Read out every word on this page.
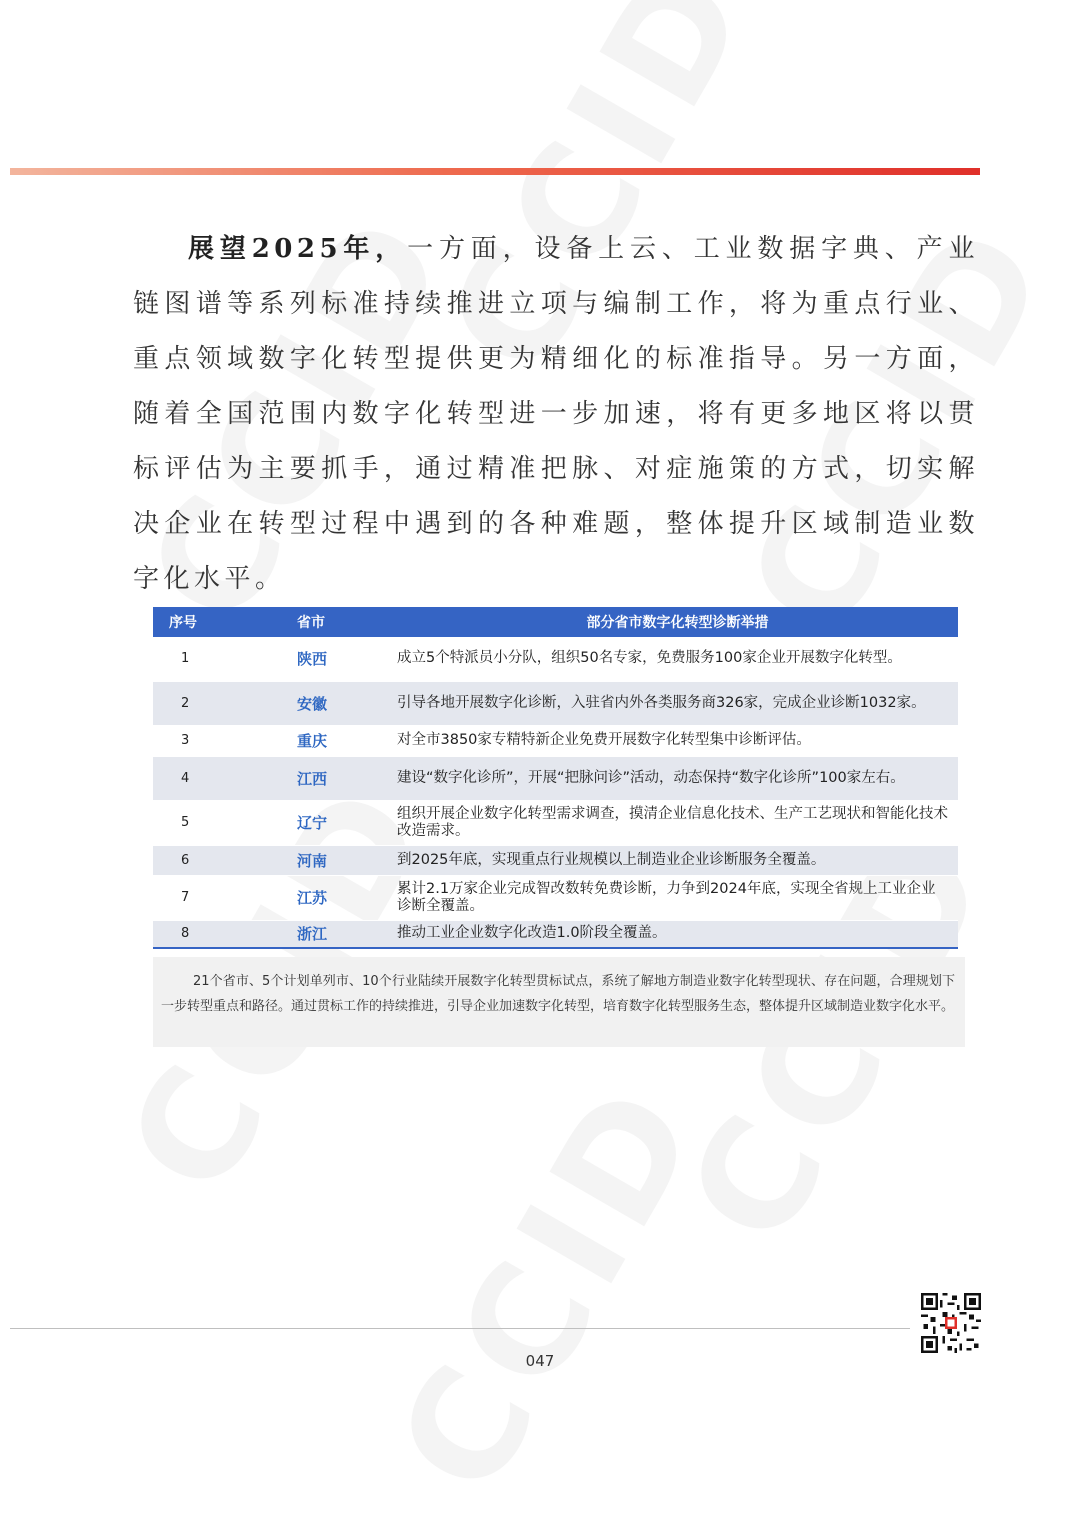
展望2025年，一方面，设备上云、工业数据字典、产业链图谱等系列标准持续推进立项与编制工作，将为重点行业、重点领域数字化转型提供更为精细化的标准指导。另一方面，随着全国范围内数字化转型进一步加速，将有更多地区将以贯标评估为主要抓手，通过精准把脉、对症施策的方式，切实解决企业在转型过程中遇到的各种难题，整体提升区域制造业数字化水平。
序号	省市	部分省市数字化转型诊断举措
1	陕西	成立5个特派员小分队，组织50名专家，免费服务100家企业开展数字化转型。
2	安徽	引导各地开展数字化诊断，入驻省内外各类服务商326家，完成企业诊断1032家。
3	重庆	对全市3850家专精特新企业免费开展数字化转型集中诊断评估。
4	江西	建设“数字化诊所”，开展“把脉问诊”活动，动态保持“数字化诊所”100家左右。
5	辽宁	组织开展企业数字化转型需求调查，摸清企业信息化技术、生产工艺现状和智能化技术改造需求。
6	河南	到2025年底，实现重点行业规模以上制造业企业诊断服务全覆盖。
7	江苏	累计2.1万家企业完成智改数转免费诊断，力争到2024年底，实现全省规上工业企业诊断全覆盖。
8	浙江	推动工业企业数字化改造1.0阶段全覆盖。
21个省市、5个计划单列市、10个行业陆续开展数字化转型贯标试点，系统了解地方制造业数字化转型现状、存在问题，合理规划下一步转型重点和路径。通过贯标工作的持续推进，引导企业加速数字化转型，培育数字化转型服务生态，整体提升区域制造业数字化水平。
047
